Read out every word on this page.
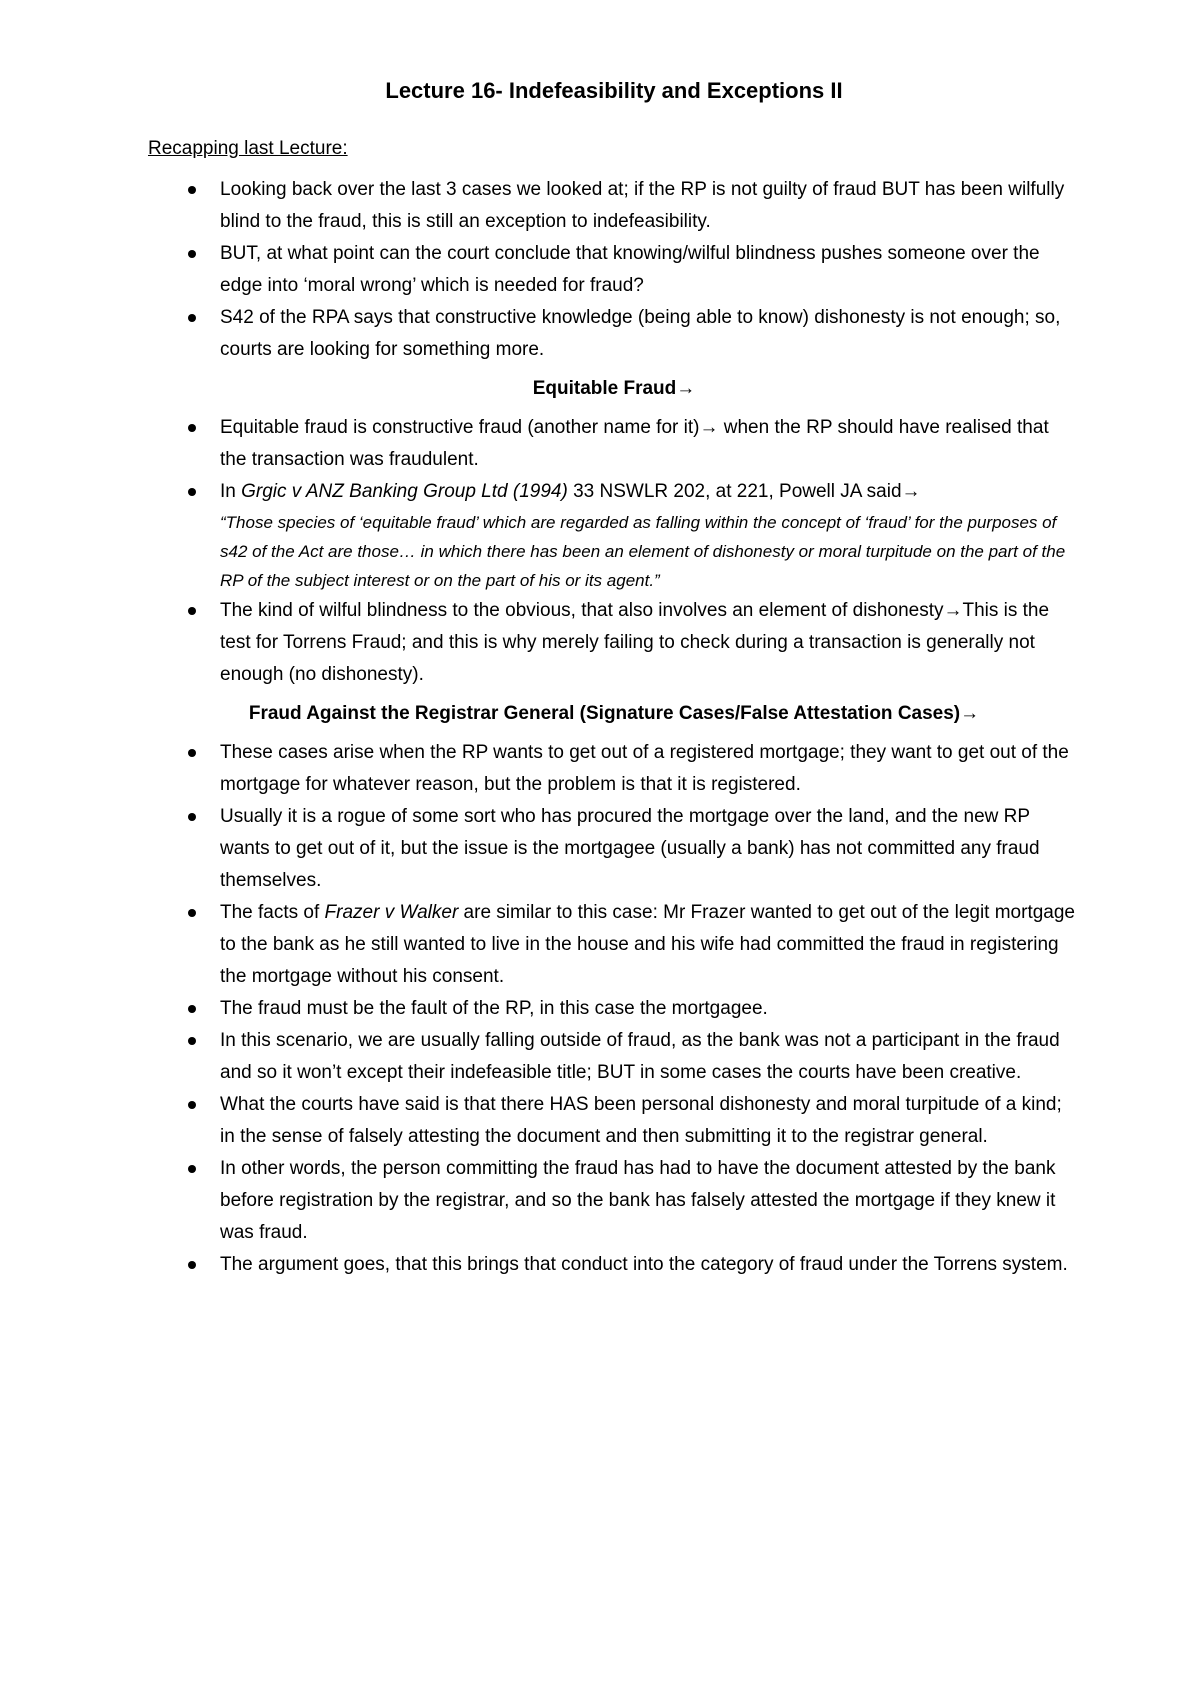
Lecture 16- Indefeasibility and Exceptions II
Recapping last Lecture:
Looking back over the last 3 cases we looked at; if the RP is not guilty of fraud BUT has been wilfully blind to the fraud, this is still an exception to indefeasibility.
BUT, at what point can the court conclude that knowing/wilful blindness pushes someone over the edge into ‘moral wrong’ which is needed for fraud?
S42 of the RPA says that constructive knowledge (being able to know) dishonesty is not enough; so, courts are looking for something more.
Equitable Fraud→
Equitable fraud is constructive fraud (another name for it)→ when the RP should have realised that the transaction was fraudulent.
In Grgic v ANZ Banking Group Ltd (1994) 33 NSWLR 202, at 221, Powell JA said→
“Those species of ‘equitable fraud’ which are regarded as falling within the concept of ‘fraud’ for the purposes of s42 of the Act are those… in which there has been an element of dishonesty or moral turpitude on the part of the RP of the subject interest or on the part of his or its agent.”
The kind of wilful blindness to the obvious, that also involves an element of dishonesty→This is the test for Torrens Fraud; and this is why merely failing to check during a transaction is generally not enough (no dishonesty).
Fraud Against the Registrar General (Signature Cases/False Attestation Cases)→
These cases arise when the RP wants to get out of a registered mortgage; they want to get out of the mortgage for whatever reason, but the problem is that it is registered.
Usually it is a rogue of some sort who has procured the mortgage over the land, and the new RP wants to get out of it, but the issue is the mortgagee (usually a bank) has not committed any fraud themselves.
The facts of Frazer v Walker are similar to this case: Mr Frazer wanted to get out of the legit mortgage to the bank as he still wanted to live in the house and his wife had committed the fraud in registering the mortgage without his consent.
The fraud must be the fault of the RP, in this case the mortgagee.
In this scenario, we are usually falling outside of fraud, as the bank was not a participant in the fraud and so it won’t except their indefeasible title; BUT in some cases the courts have been creative.
What the courts have said is that there HAS been personal dishonesty and moral turpitude of a kind; in the sense of falsely attesting the document and then submitting it to the registrar general.
In other words, the person committing the fraud has had to have the document attested by the bank before registration by the registrar, and so the bank has falsely attested the mortgage if they knew it was fraud.
The argument goes, that this brings that conduct into the category of fraud under the Torrens system.
